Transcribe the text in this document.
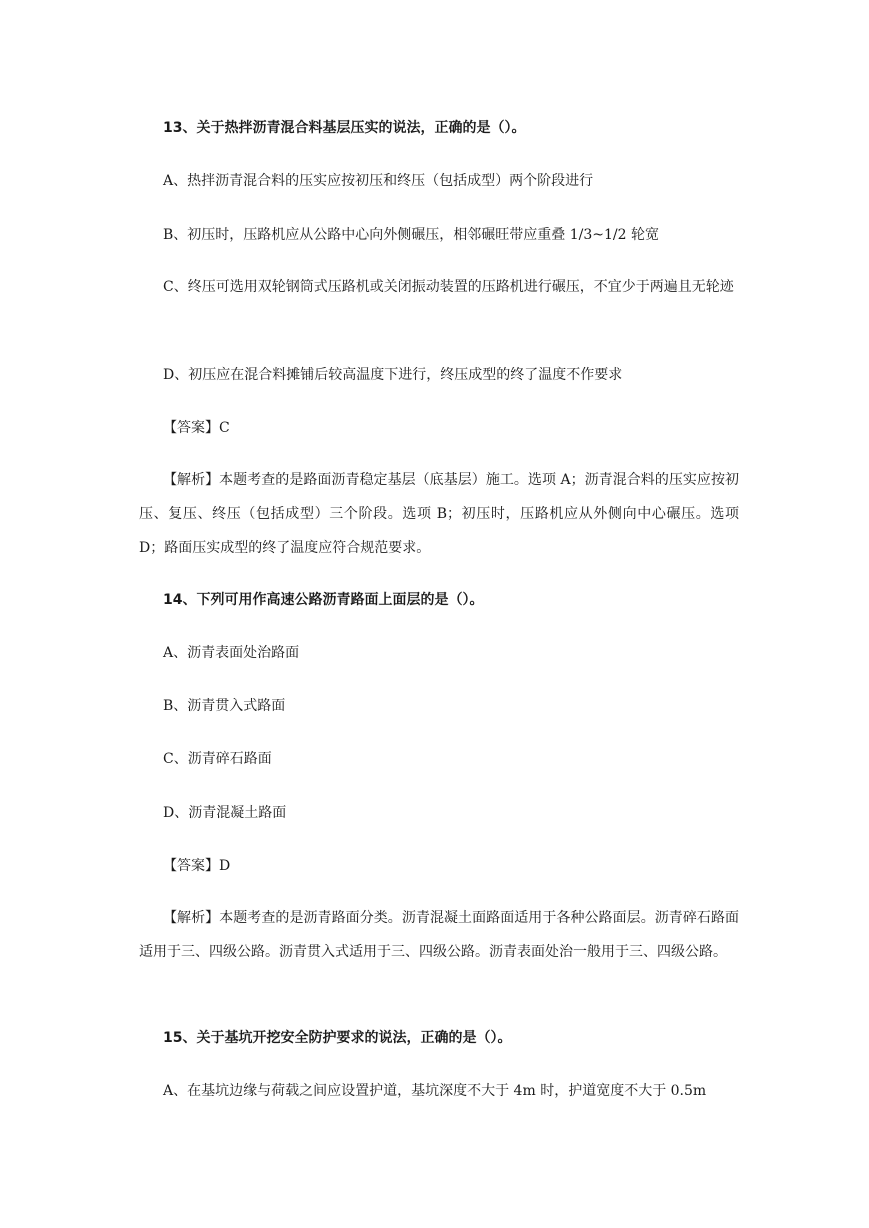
13、关于热拌沥青混合料基层压实的说法，正确的是（）。
A、热拌沥青混合料的压实应按初压和终压（包括成型）两个阶段进行
B、初压时，压路机应从公路中心向外侧碾压，相邻碾旺带应重叠 1/3~1/2 轮宽
C、终压可选用双轮钢筒式压路机或关闭振动装置的压路机进行碾压，不宜少于两遍且无轮迹
D、初压应在混合料摊铺后较高温度下进行，终压成型的终了温度不作要求
【答案】C
【解析】本题考查的是路面沥青稳定基层（底基层）施工。选项 A；沥青混合料的压实应按初压、复压、终压（包括成型）三个阶段。选项 B；初压时，压路机应从外侧向中心碾压。选项 D；路面压实成型的终了温度应符合规范要求。
14、下列可用作高速公路沥青路面上面层的是（）。
A、沥青表面处治路面
B、沥青贯入式路面
C、沥青碎石路面
D、沥青混凝土路面
【答案】D
【解析】本题考查的是沥青路面分类。沥青混凝土面路面适用于各种公路面层。沥青碎石路面适用于三、四级公路。沥青贯入式适用于三、四级公路。沥青表面处治一般用于三、四级公路。
15、关于基坑开挖安全防护要求的说法，正确的是（）。
A、在基坑边缘与荷载之间应设置护道，基坑深度不大于 4m 时，护道宽度不大于 0.5m
